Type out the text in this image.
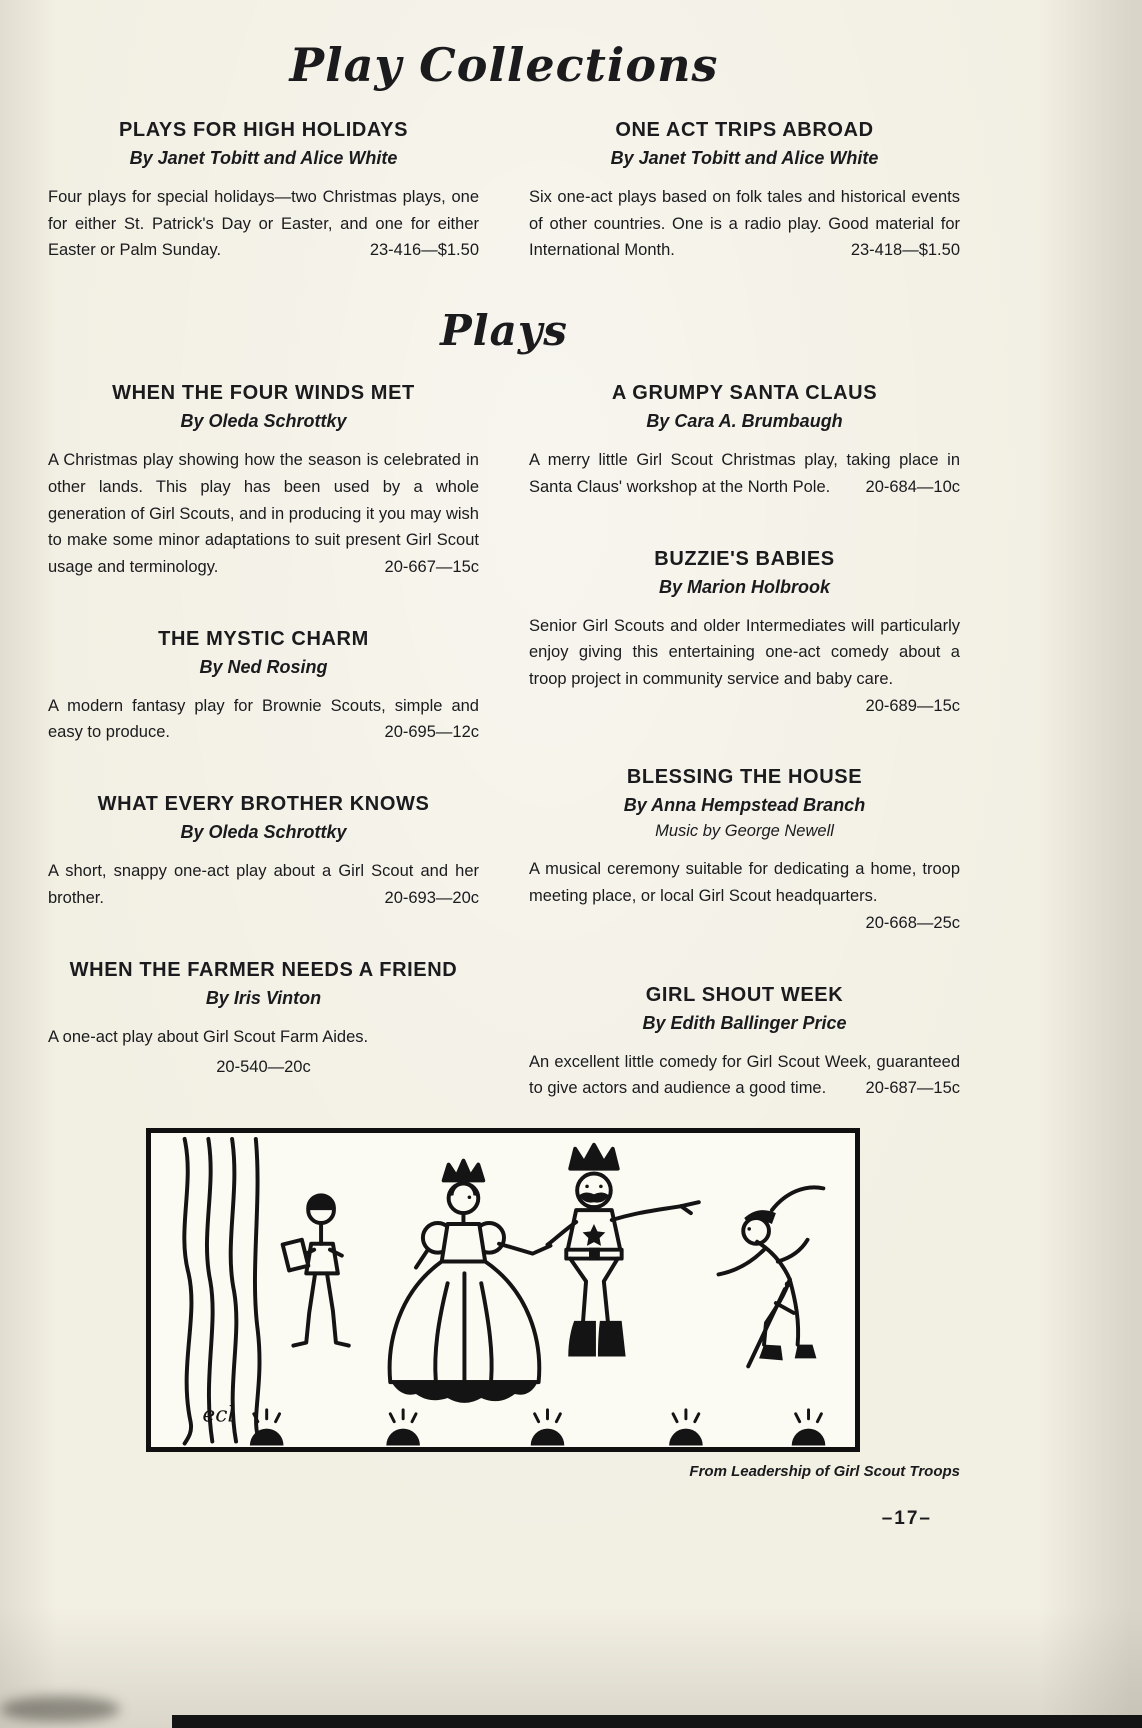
Play Collections
PLAYS FOR HIGH HOLIDAYS

By Janet Tobitt and Alice White

Four plays for special holidays—two Christmas plays, one for either St. Patrick's Day or Easter, and one for either Easter or Palm Sunday.	23-416—$1.50

ONE ACT TRIPS ABROAD

By Janet Tobitt and Alice White

Six one-act plays based on folk tales and historical events of other countries. One is a radio play. Good material for International Month.	23-418—$1.50

Plays
WHEN THE FOUR WINDS MET

By Oleda Schrottky

A Christmas play showing how the season is celebrated in other lands. This play has been used by a whole generation of Girl Scouts, and in producing it you may wish to make some minor adaptations to suit present Girl Scout usage and terminology.	20-667—15c

THE MYSTIC CHARM

By Ned Rosing

A modern fantasy play for Brownie Scouts, simple and easy to produce.	20-695—12c

WHAT EVERY BROTHER KNOWS

By Oleda Schrottky

A short, snappy one-act play about a Girl Scout and her brother.	20-693—20c

WHEN THE FARMER NEEDS A FRIEND

By Iris Vinton

A one-act play about Girl Scout Farm Aides.
20-540—20c

A GRUMPY SANTA CLAUS

By Cara A. Brumbaugh

A merry little Girl Scout Christmas play, taking place in Santa Claus' workshop at the North Pole. 20-684—10c

BUZZIE'S BABIES

By Marion Holbrook

Senior Girl Scouts and older Intermediates will particularly enjoy giving this entertaining one-act comedy about a troop project in community service and baby care.
20-689—15c

BLESSING THE HOUSE

By Anna Hempstead Branch

Music by George Newell

A musical ceremony suitable for dedicating a home, troop meeting place, or local Girl Scout headquarters.
20-668—25c

GIRL SHOUT WEEK

By Edith Ballinger Price

An excellent little comedy for Girl Scout Week, guaranteed to give actors and audience a good time. 20-687—15c

ecl

From Leadership of Girl Scout Troops

–17–
